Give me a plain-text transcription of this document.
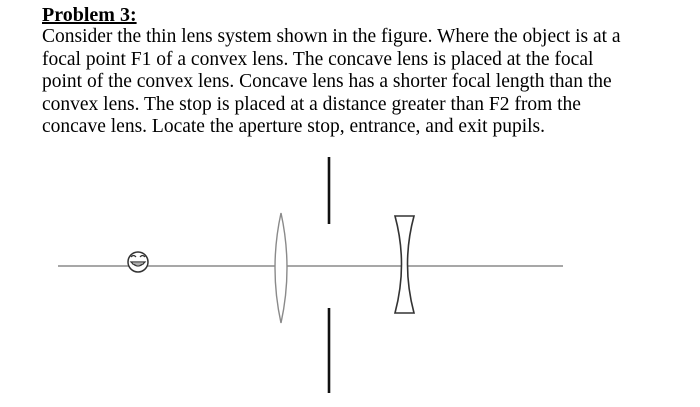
Problem 3:

Consider the thin lens system shown in the figure. Where the object is at a
focal point F1 of a convex lens. The concave lens is placed at the focal
point of the convex lens. Concave lens has a shorter focal length than the
convex lens. The stop is placed at a distance greater than F2 from the
concave lens. Locate the aperture stop, entrance, and exit pupils.
